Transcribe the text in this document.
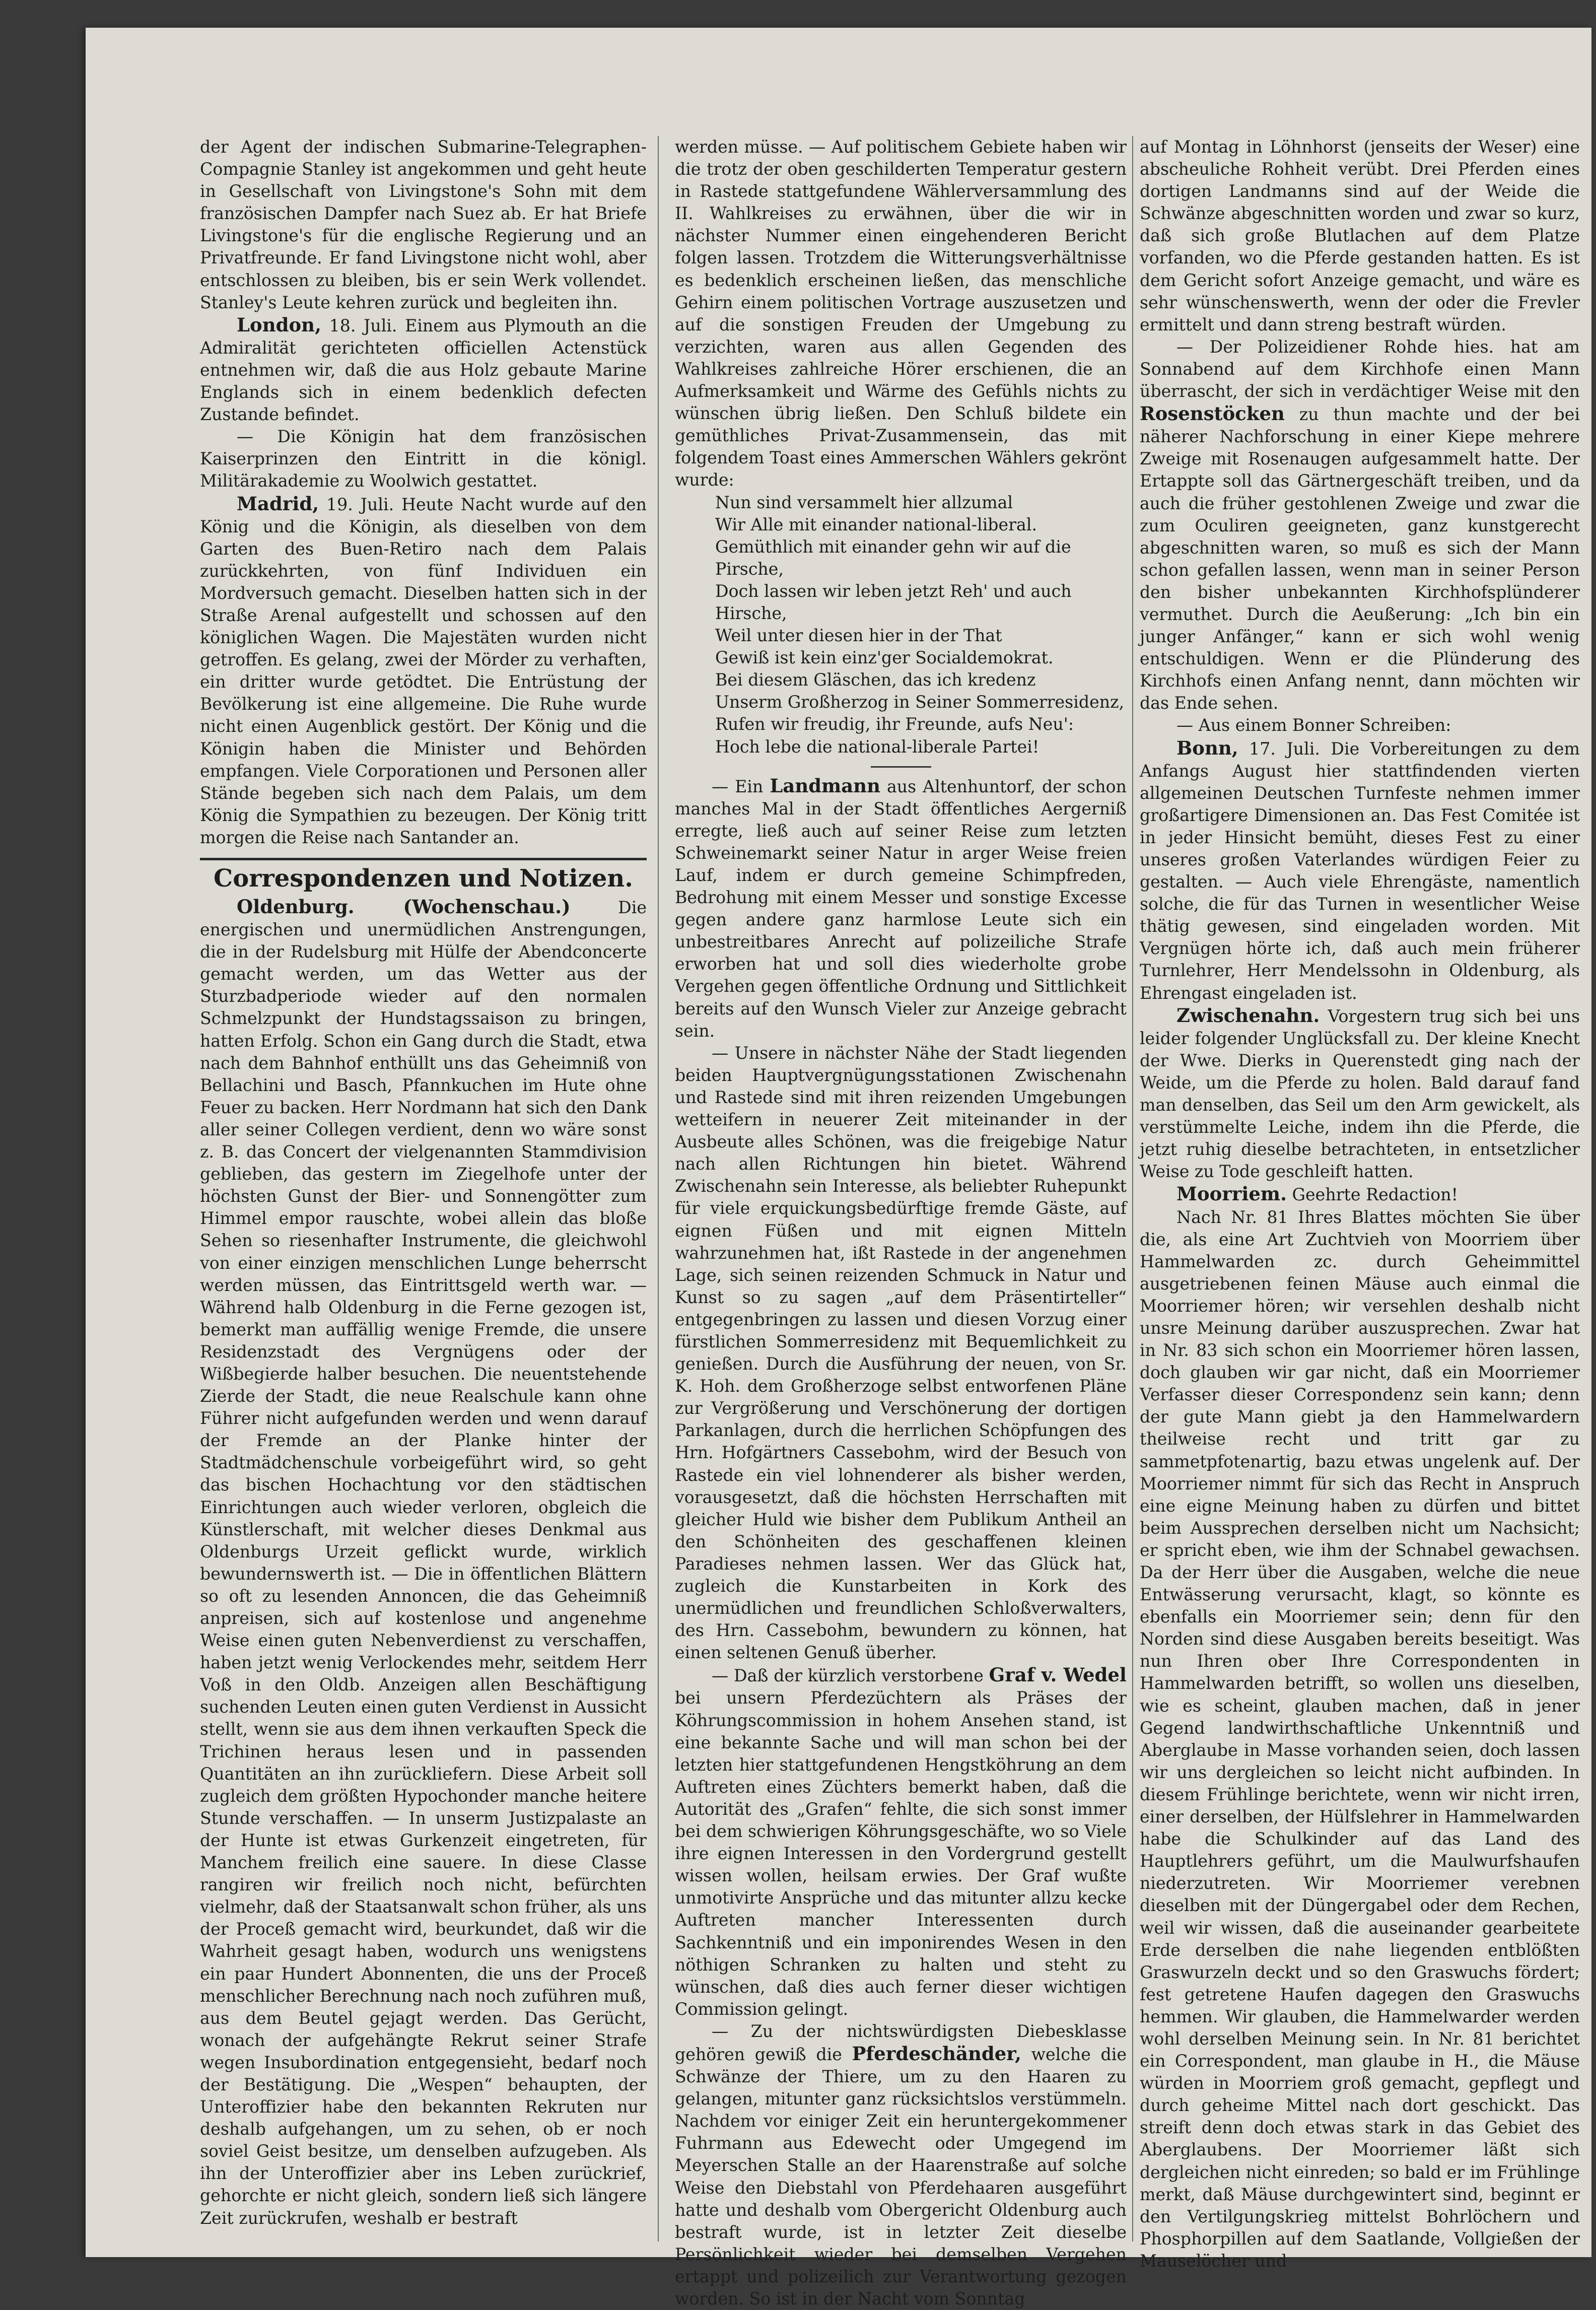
der Agent der indischen Submarine-Telegraphen-Compagnie Stanley ist angekommen und geht heute in Gesellschaft von Livingstone's Sohn mit dem französischen Dampfer nach Suez ab. Er hat Briefe Livingstone's für die englische Regierung und an Privatfreunde. Er fand Livingstone nicht wohl, aber entschlossen zu bleiben, bis er sein Werk vollendet. Stanley's Leute kehren zurück und begleiten ihn.

London, 18. Juli. Einem aus Plymouth an die Admiralität gerichteten officiellen Actenstück entnehmen wir, daß die aus Holz gebaute Marine Englands sich in einem bedenklich defecten Zustande befindet.

— Die Königin hat dem französischen Kaiserprinzen den Eintritt in die königl. Militärakademie zu Woolwich gestattet.

Madrid, 19. Juli. Heute Nacht wurde auf den König und die Königin, als dieselben von dem Garten des Buen-Retiro nach dem Palais zurückkehrten, von fünf Individuen ein Mordversuch gemacht. Dieselben hatten sich in der Straße Arenal aufgestellt und schossen auf den königlichen Wagen. Die Majestäten wurden nicht getroffen. Es gelang, zwei der Mörder zu verhaften, ein dritter wurde getödtet. Die Entrüstung der Bevölkerung ist eine allgemeine. Die Ruhe wurde nicht einen Augenblick gestört. Der König und die Königin haben die Minister und Behörden empfangen. Viele Corporationen und Personen aller Stände begeben sich nach dem Palais, um dem König die Sympathien zu bezeugen. Der König tritt morgen die Reise nach Santander an.

Correspondenzen und Notizen.

Oldenburg. (Wochenschau.)	Die energischen und unermüdlichen Anstrengungen, die in der Rudelsburg mit Hülfe der Abendconcerte gemacht werden, um das Wetter aus der Sturzbadperiode wieder auf den normalen Schmelzpunkt der Hundstagssaison zu bringen, hatten Erfolg. Schon ein Gang durch die Stadt, etwa nach dem Bahnhof enthüllt uns das Geheimniß von Bellachini und Basch, Pfannkuchen im Hute ohne Feuer zu backen. Herr Nordmann hat sich den Dank aller seiner Collegen verdient, denn wo wäre sonst z. B. das Concert der vielgenannten Stammdivision geblieben, das gestern im Ziegelhofe unter der höchsten Gunst der Bier- und Sonnengötter zum Himmel empor rauschte, wobei allein das bloße Sehen so riesenhafter Instrumente, die gleichwohl von einer einzigen menschlichen Lunge beherrscht werden müssen, das Eintrittsgeld werth war. — Während halb Oldenburg in die Ferne gezogen ist, bemerkt man auffällig wenige Fremde, die unsere Residenzstadt des Vergnügens oder der Wißbegierde halber besuchen. Die neuentstehende Zierde der Stadt, die neue Realschule kann ohne Führer nicht aufgefunden werden und wenn darauf der Fremde an der Planke hinter der Stadtmädchenschule vorbeigeführt wird, so geht das bischen Hochachtung vor den städtischen Einrichtungen auch wieder verloren, obgleich die Künstlerschaft, mit welcher dieses Denkmal aus Oldenburgs Urzeit geflickt wurde, wirklich bewundernswerth ist. — Die in öffentlichen Blättern so oft zu lesenden Annoncen, die das Geheimniß anpreisen, sich auf kostenlose und angenehme Weise einen guten Nebenverdienst zu verschaffen, haben jetzt wenig Verlockendes mehr, seitdem Herr Voß in den Oldb. Anzeigen allen Beschäftigung suchenden Leuten einen guten Verdienst in Aussicht stellt, wenn sie aus dem ihnen verkauften Speck die Trichinen heraus lesen und in passenden Quantitäten an ihn zurückliefern. Diese Arbeit soll zugleich dem größten Hypochonder manche heitere Stunde verschaffen. — In unserm Justizpalaste an der Hunte ist etwas Gurkenzeit eingetreten, für Manchem freilich eine sauere. In diese Classe rangiren wir freilich noch nicht, befürchten vielmehr, daß der Staatsanwalt schon früher, als uns der Proceß gemacht wird, beurkundet, daß wir die Wahrheit gesagt haben, wodurch uns wenigstens ein paar Hundert Abonnenten, die uns der Proceß menschlicher Berechnung nach noch zuführen muß, aus dem Beutel gejagt werden. Das Gerücht, wonach der aufgehängte Rekrut seiner Strafe wegen Insubordination entgegensieht, bedarf noch der Bestätigung. Die „Wespen“ behaupten, der Unteroffizier habe den bekannten Rekruten nur deshalb aufgehangen, um zu sehen, ob er noch soviel Geist besitze, um denselben aufzugeben. Als ihn der Unteroffizier aber ins Leben zurückrief, gehorchte er nicht gleich, sondern ließ sich längere Zeit zurückrufen, weshalb er bestraft

werden müsse. — Auf politischem Gebiete haben wir die trotz der oben geschilderten Temperatur gestern in Rastede stattgefundene Wählerversammlung des II. Wahlkreises zu erwähnen, über die wir in nächster Nummer einen eingehenderen Bericht folgen lassen. Trotzdem die Witterungsverhältnisse es bedenklich erscheinen ließen, das menschliche Gehirn einem politischen Vortrage auszusetzen und auf die sonstigen Freuden der Umgebung zu verzichten, waren aus allen Gegenden des Wahlkreises zahlreiche Hörer erschienen, die an Aufmerksamkeit und Wärme des Gefühls nichts zu wünschen übrig ließen. Den Schluß bildete ein gemüthliches Privat-Zusammensein, das mit folgendem Toast eines Ammerschen Wählers gekrönt wurde:

Nun sind versammelt hier allzumal
Wir Alle mit einander national-liberal.
Gemüthlich mit einander gehn wir auf die Pirsche,
Doch lassen wir leben jetzt Reh' und auch Hirsche,
Weil unter diesen hier in der That
Gewiß ist kein einz'ger Socialdemokrat.
Bei diesem Gläschen, das ich kredenz
Unserm Großherzog in Seiner Sommerresidenz,
Rufen wir freudig, ihr Freunde, aufs Neu':
Hoch lebe die national-liberale Partei!

— Ein Landmann aus Altenhuntorf, der schon manches Mal in der Stadt öffentliches Aergerniß erregte, ließ auch auf seiner Reise zum letzten Schweinemarkt seiner Natur in arger Weise freien Lauf, indem er durch gemeine Schimpfreden, Bedrohung mit einem Messer und sonstige Excesse gegen andere ganz harmlose Leute sich ein unbestreitbares Anrecht auf polizeiliche Strafe erworben hat und soll dies wiederholte grobe Vergehen gegen öffentliche Ordnung und Sittlichkeit bereits auf den Wunsch Vieler zur Anzeige gebracht sein.

— Unsere in nächster Nähe der Stadt liegenden beiden Hauptvergnügungsstationen Zwischenahn und Rastede sind mit ihren reizenden Umgebungen wetteifern in neuerer Zeit miteinander in der Ausbeute alles Schönen, was die freigebige Natur nach allen Richtungen hin bietet. Während Zwischenahn sein Interesse, als beliebter Ruhepunkt für viele erquickungsbedürftige fremde Gäste, auf eignen Füßen und mit eignen Mitteln wahrzunehmen hat, ißt Rastede in der angenehmen Lage, sich seinen reizenden Schmuck in Natur und Kunst so zu sagen „auf dem Präsentirteller“ entgegenbringen zu lassen und diesen Vorzug einer fürstlichen Sommerresidenz mit Bequemlichkeit zu genießen. Durch die Ausführung der neuen, von Sr. K. Hoh. dem Großherzoge selbst entworfenen Pläne zur Vergrößerung und Verschönerung der dortigen Parkanlagen, durch die herrlichen Schöpfungen des Hrn. Hofgärtners Cassebohm, wird der Besuch von Rastede ein viel lohnenderer als bisher werden, vorausgesetzt, daß die höchsten Herrschaften mit gleicher Huld wie bisher dem Publikum Antheil an den Schönheiten des geschaffenen kleinen Paradieses nehmen lassen. Wer das Glück hat, zugleich die Kunstarbeiten in Kork des unermüdlichen und freundlichen Schloßverwalters, des Hrn. Cassebohm, bewundern zu können, hat einen seltenen Genuß überher.

— Daß der kürzlich verstorbene Graf v. Wedel bei unsern Pferdezüchtern als Präses der Köhrungscommission in hohem Ansehen stand, ist eine bekannte Sache und will man schon bei der letzten hier stattgefundenen Hengstköhrung an dem Auftreten eines Züchters bemerkt haben, daß die Autorität des „Grafen“ fehlte, die sich sonst immer bei dem schwierigen Köhrungsgeschäfte, wo so Viele ihre eignen Interessen in den Vordergrund gestellt wissen wollen, heilsam erwies. Der Graf wußte unmotivirte Ansprüche und das mitunter allzu kecke Auftreten mancher Interessenten durch Sachkenntniß und ein imponirendes Wesen in den nöthigen Schranken zu halten und steht zu wünschen, daß dies auch ferner dieser wichtigen Commission gelingt.

— Zu der nichtswürdigsten Diebesklasse gehören gewiß die Pferdeschänder, welche die Schwänze der Thiere, um zu den Haaren zu gelangen, mitunter ganz rücksichtslos verstümmeln. Nachdem vor einiger Zeit ein heruntergekommener Fuhrmann aus Edewecht oder Umgegend im Meyerschen Stalle an der Haarenstraße auf solche Weise den Diebstahl von Pferdehaaren ausgeführt hatte und deshalb vom Obergericht Oldenburg auch bestraft wurde, ist in letzter Zeit dieselbe Persönlichkeit wieder bei demselben Vergehen ertappt und polizeilich zur Verantwortung gezogen worden. So ist in der Nacht vom Sonntag

auf Montag in Löhnhorst (jenseits der Weser) eine abscheuliche Rohheit verübt. Drei Pferden eines dortigen Landmanns sind auf der Weide die Schwänze abgeschnitten worden und zwar so kurz, daß sich große Blutlachen auf dem Platze vorfanden, wo die Pferde gestanden hatten. Es ist dem Gericht sofort Anzeige gemacht, und wäre es sehr wünschenswerth, wenn der oder die Frevler ermittelt und dann streng bestraft würden.

— Der Polizeidiener Rohde hies. hat am Sonnabend auf dem Kirchhofe einen Mann überrascht, der sich in verdächtiger Weise mit den Rosenstöcken zu thun machte und der bei näherer Nachforschung in einer Kiepe mehrere Zweige mit Rosenaugen aufgesammelt hatte. Der Ertappte soll das Gärtnergeschäft treiben, und da auch die früher gestohlenen Zweige und zwar die zum Oculiren geeigneten, ganz kunstgerecht abgeschnitten waren, so muß es sich der Mann schon gefallen lassen, wenn man in seiner Person den bisher unbekannten Kirchhofsplünderer vermuthet. Durch die Aeußerung: „Ich bin ein junger Anfänger,“ kann er sich wohl wenig entschuldigen. Wenn er die Plünderung des Kirchhofs einen Anfang nennt, dann möchten wir das Ende sehen.

— Aus einem Bonner Schreiben:

Bonn, 17. Juli. Die Vorbereitungen zu dem Anfangs August hier stattfindenden vierten allgemeinen Deutschen Turnfeste nehmen immer großartigere Dimensionen an. Das Fest Comitée ist in jeder Hinsicht bemüht, dieses Fest zu einer unseres großen Vaterlandes würdigen Feier zu gestalten. — Auch viele Ehrengäste, namentlich solche, die für das Turnen in wesentlicher Weise thätig gewesen, sind eingeladen worden. Mit Vergnügen hörte ich, daß auch mein früherer Turnlehrer, Herr Mendelssohn in Oldenburg, als Ehrengast eingeladen ist.

Zwischenahn. Vorgestern trug sich bei uns leider folgender Unglücksfall zu. Der kleine Knecht der Wwe. Dierks in Querenstedt ging nach der Weide, um die Pferde zu holen. Bald darauf fand man denselben, das Seil um den Arm gewickelt, als verstümmelte Leiche, indem ihn die Pferde, die jetzt ruhig dieselbe betrachteten, in entsetzlicher Weise zu Tode geschleift hatten.

Moorriem. Geehrte Redaction!

Nach Nr. 81 Ihres Blattes möchten Sie über die, als eine Art Zuchtvieh von Moorriem über Hammelwarden zc. durch Geheimmittel ausgetriebenen feinen Mäuse auch einmal die Moorriemer hören; wir versehlen deshalb nicht unsre Meinung darüber auszusprechen. Zwar hat in Nr. 83 sich schon ein Moorriemer hören lassen, doch glauben wir gar nicht, daß ein Moorriemer Verfasser dieser Correspondenz sein kann; denn der gute Mann giebt ja den Hammelwardern theilweise recht und tritt gar zu sammetpfotenartig, bazu etwas ungelenk auf. Der Moorriemer nimmt für sich das Recht in Anspruch eine eigne Meinung haben zu dürfen und bittet beim Aussprechen derselben nicht um Nachsicht; er spricht eben, wie ihm der Schnabel gewachsen. Da der Herr über die Ausgaben, welche die neue Entwässerung verursacht, klagt, so könnte es ebenfalls ein Moorriemer sein; denn für den Norden sind diese Ausgaben bereits beseitigt. Was nun Ihren ober Ihre Correspondenten in Hammelwarden betrifft, so wollen uns dieselben, wie es scheint, glauben machen, daß in jener Gegend landwirthschaftliche Unkenntniß und Aberglaube in Masse vorhanden seien, doch lassen wir uns dergleichen so leicht nicht aufbinden. In diesem Frühlinge berichtete, wenn wir nicht irren, einer derselben, der Hülfslehrer in Hammelwarden habe die Schulkinder auf das Land des Hauptlehrers geführt, um die Maulwurfshaufen niederzutreten. Wir Moorriemer verebnen dieselben mit der Düngergabel oder dem Rechen, weil wir wissen, daß die auseinander gearbeitete Erde derselben die nahe liegenden entblößten Graswurzeln deckt und so den Graswuchs fördert; fest getretene Haufen dagegen den Graswuchs hemmen. Wir glauben, die Hammelwarder werden wohl derselben Meinung sein. In Nr. 81 berichtet ein Correspondent, man glaube in H., die Mäuse würden in Moorriem groß gemacht, gepflegt und durch geheime Mittel nach dort geschickt. Das streift denn doch etwas stark in das Gebiet des Aberglaubens. Der Moorriemer läßt sich dergleichen nicht einreden; so bald er im Frühlinge merkt, daß Mäuse durchgewintert sind, beginnt er den Vertilgungskrieg mittelst Bohrlöchern und Phosphorpillen auf dem Saatlande, Vollgießen der Mauselöcher und
